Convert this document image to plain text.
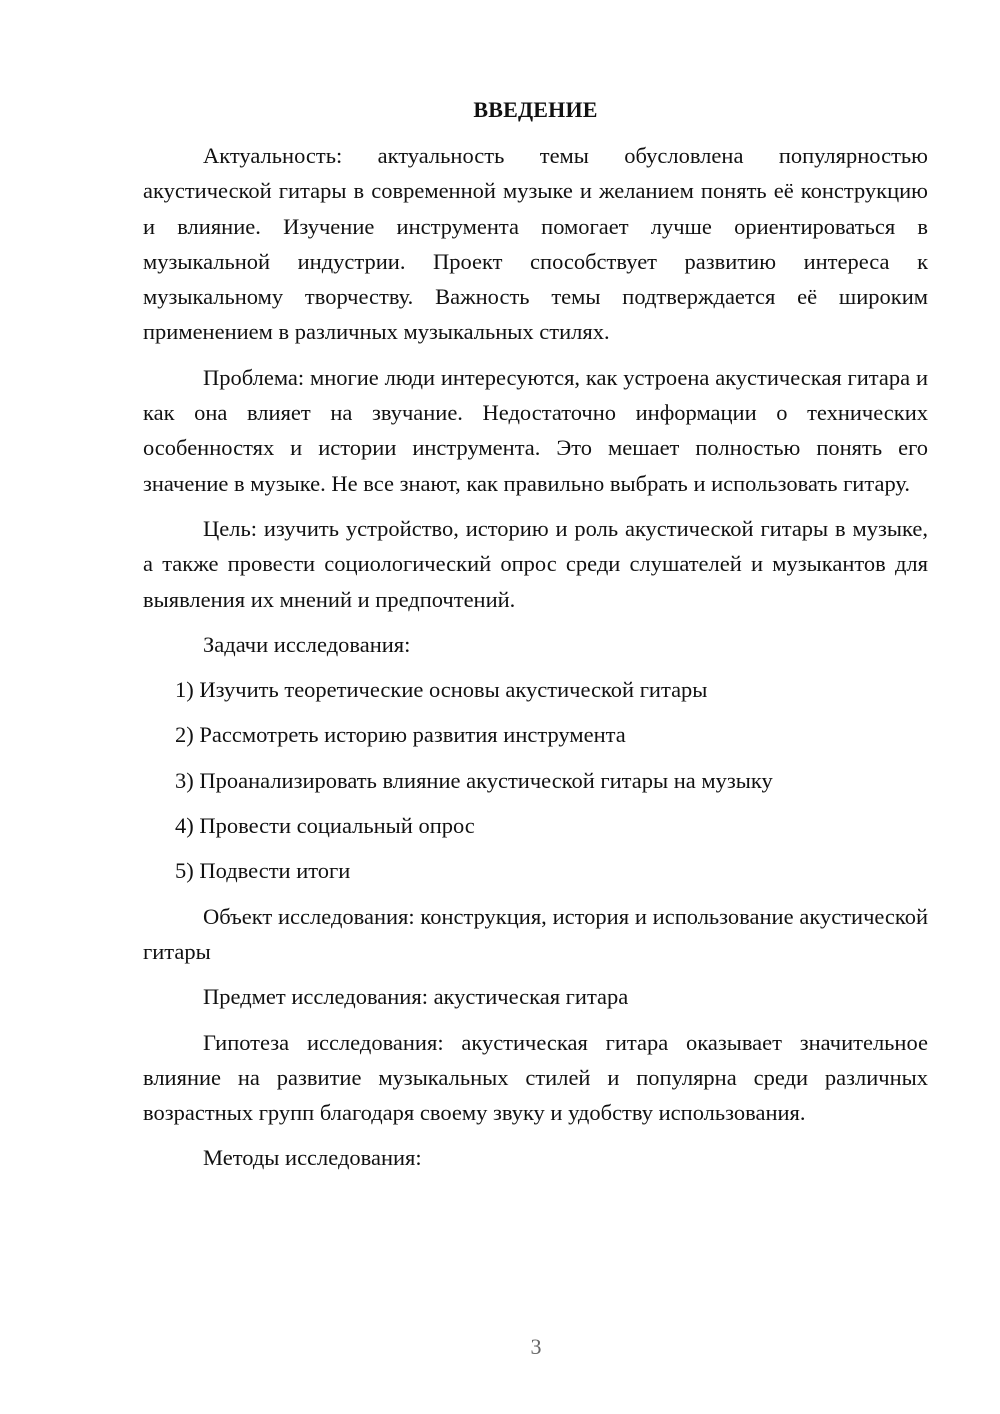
ВВЕДЕНИЕ

Актуальность: актуальность темы обусловлена популярностью акустической гитары в современной музыке и желанием понять её конструкцию и влияние. Изучение инструмента помогает лучше ориентироваться в музыкальной индустрии. Проект способствует развитию интереса к музыкальному творчеству. Важность темы подтверждается её широким применением в различных музыкальных стилях.

Проблема: многие люди интересуются, как устроена акустическая гитара и как она влияет на звучание. Недостаточно информации о технических особенностях и истории инструмента. Это мешает полностью понять его значение в музыке. Не все знают, как правильно выбрать и использовать гитару.

Цель: изучить устройство, историю и роль акустической гитары в музыке, а также провести социологический опрос среди слушателей и музыкантов для выявления их мнений и предпочтений.

Задачи исследования:

1) Изучить теоретические основы акустической гитары
2) Рассмотреть историю развития инструмента
3) Проанализировать влияние акустической гитары на музыку
4) Провести социальный опрос
5) Подвести итоги

Объект исследования: конструкция, история и использование акустической гитары

Предмет исследования: акустическая гитара

Гипотеза исследования: акустическая гитара оказывает значительное влияние на развитие музыкальных стилей и популярна среди различных возрастных групп благодаря своему звуку и удобству использования.

Методы исследования:

3
